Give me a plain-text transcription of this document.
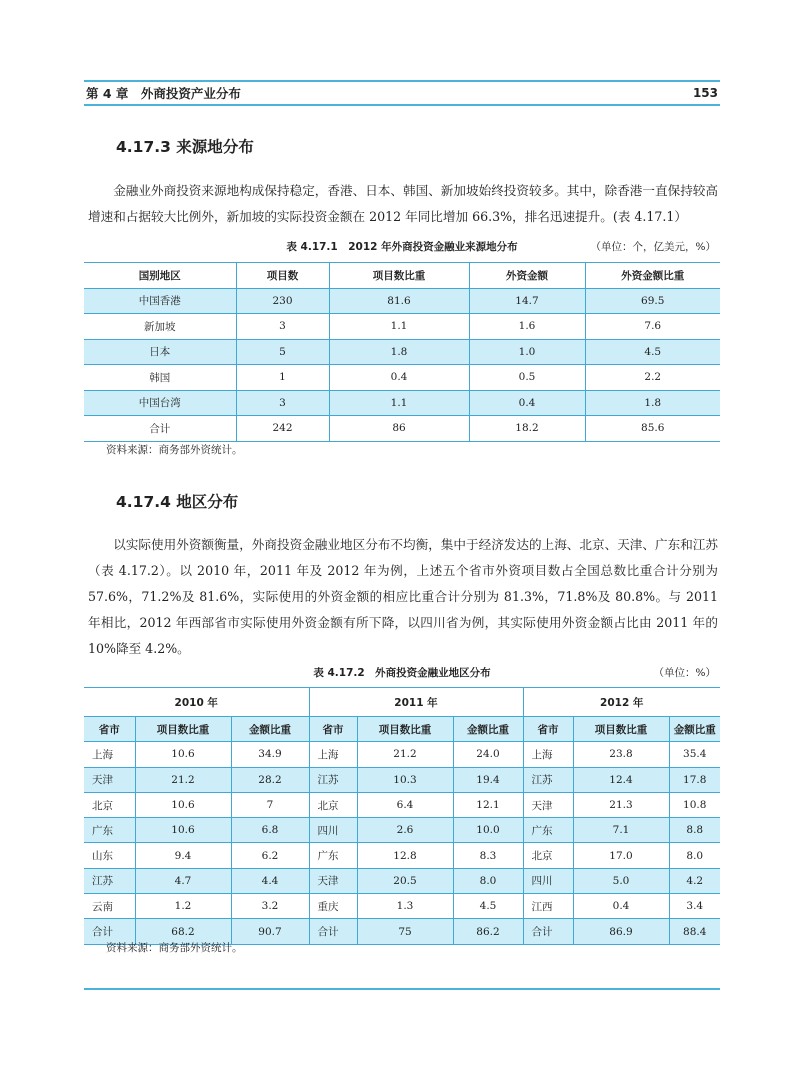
第 4 章　外商投资产业分布	153
4.17.3 来源地分布

金融业外商投资来源地构成保持稳定，香港、日本、韩国、新加坡始终投资较多。其中，除香港一直保持较高增速和占据较大比例外，新加坡的实际投资金额在 2012 年同比增加 66.3%，排名迅速提升。(表 4.17.1）

表 4.17.1　2012 年外商投资金融业来源地分布	（单位：个，亿美元，%）
国别地区	项目数	项目数比重	外资金额	外资金额比重
中国香港	230	81.6	14.7	69.5
新加坡	3	1.1	1.6	7.6
日本	5	1.8	1.0	4.5
韩国	1	0.4	0.5	2.2
中国台湾	3	1.1	0.4	1.8
合计	242	86	18.2	85.6
资料来源：商务部外资统计。
4.17.4 地区分布

以实际使用外资额衡量，外商投资金融业地区分布不均衡，集中于经济发达的上海、北京、天津、广东和江苏（表 4.17.2）。以 2010 年，2011 年及 2012 年为例，上述五个省市外资项目数占全国总数比重合计分别为 57.6%，71.2%及 81.6%，实际使用的外资金额的相应比重合计分别为 81.3%，71.8%及 80.8%。与 2011 年相比，2012 年西部省市实际使用外资金额有所下降，以四川省为例，其实际使用外资金额占比由 2011 年的 10%降至 4.2%。

表 4.17.2　外商投资金融业地区分布	（单位：%）
2010 年			2011 年			2012 年		
省市	项目数比重	金额比重	省市	项目数比重	金额比重	省市	项目数比重	金额比重
上海	10.6	34.9	上海	21.2	24.0	上海	23.8	35.4
天津	21.2	28.2	江苏	10.3	19.4	江苏	12.4	17.8
北京	10.6	7	北京	6.4	12.1	天津	21.3	10.8
广东	10.6	6.8	四川	2.6	10.0	广东	7.1	8.8
山东	9.4	6.2	广东	12.8	8.3	北京	17.0	8.0
江苏	4.7	4.4	天津	20.5	8.0	四川	5.0	4.2
云南	1.2	3.2	重庆	1.3	4.5	江西	0.4	3.4
合计	68.2	90.7	合计	75	86.2	合计	86.9	88.4
资料来源：商务部外资统计。
